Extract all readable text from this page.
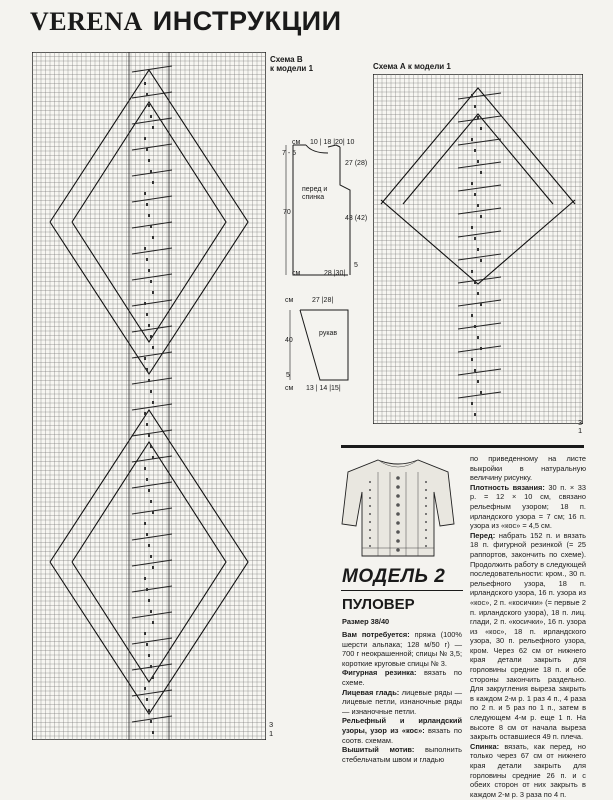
VERENA ИНСТРУКЦИИ
Схема В
к модели 1
3
1
Схема А к модели 1
3
1
см 10 | 18 |20| 10
7 - 5
27 (28)
перед и спинка
70
43 (42)
5
см	28 |30|
см	27 |28|
рукав
40
5
см 13 | 14 |15|
МОДЕЛЬ 2
ПУЛОВЕР
Размер 38/40

Вам потребуется: пряжа (100% шерсти альпака; 128 м/50 г) — 700 г неокрашенной; спицы № 3,5; короткие круговые спицы № 3.

Фигурная резинка: вязать по схеме.

Лицевая гладь: лицевые ряды — лицевые петли, изнаночные ряды — изнаночные петли.

Рельефный и ирландский узоры, узор из «кос»: вязать по соотв. схемам.

Вышитый мотив: выполнить стебельчатым швом и гладью

по приведенному на листе выкройки в натуральную величину рисунку.

Плотность вязания: 30 п. × 33 р. = 12 × 10 см, связано рельефным узором; 18 п. ирландского узора = 7 см; 16 п. узора из «кос» = 4,5 см.

Перед: набрать 152 п. и вязать 18 п. фигурной резинкой (= 25 раппортов, закончить по схеме). Продолжить работу в следующей последовательности: кром., 30 п. рельефного узора, 18 п. ирландского узора, 16 п. узора из «кос», 2 п. «косички» (= первые 2 п. ирландского узора), 18 п. лиц. глади, 2 п. «косички», 16 п. узора из «кос», 18 п. ирландского узора, 30 п. рельефного узора, кром. Через 62 см от нижнего края детали закрыть для горловины средние 18 п. и обе стороны закончить раздельно. Для закругления выреза закрыть в каждом 2-м р. 1 раз 4 п., 4 раза по 2 п. и 5 раз по 1 п., затем в следующем 4-м р. еще 1 п. На высоте 8 см от начала выреза закрыть оставшиеся 49 п. плеча.

Спинка: вязать, как перед, но только через 67 см от нижнего края детали закрыть для горловины средние 26 п. и с обеих сторон от них закрыть в каждом 2-м р. 3 раза по 4 п.
